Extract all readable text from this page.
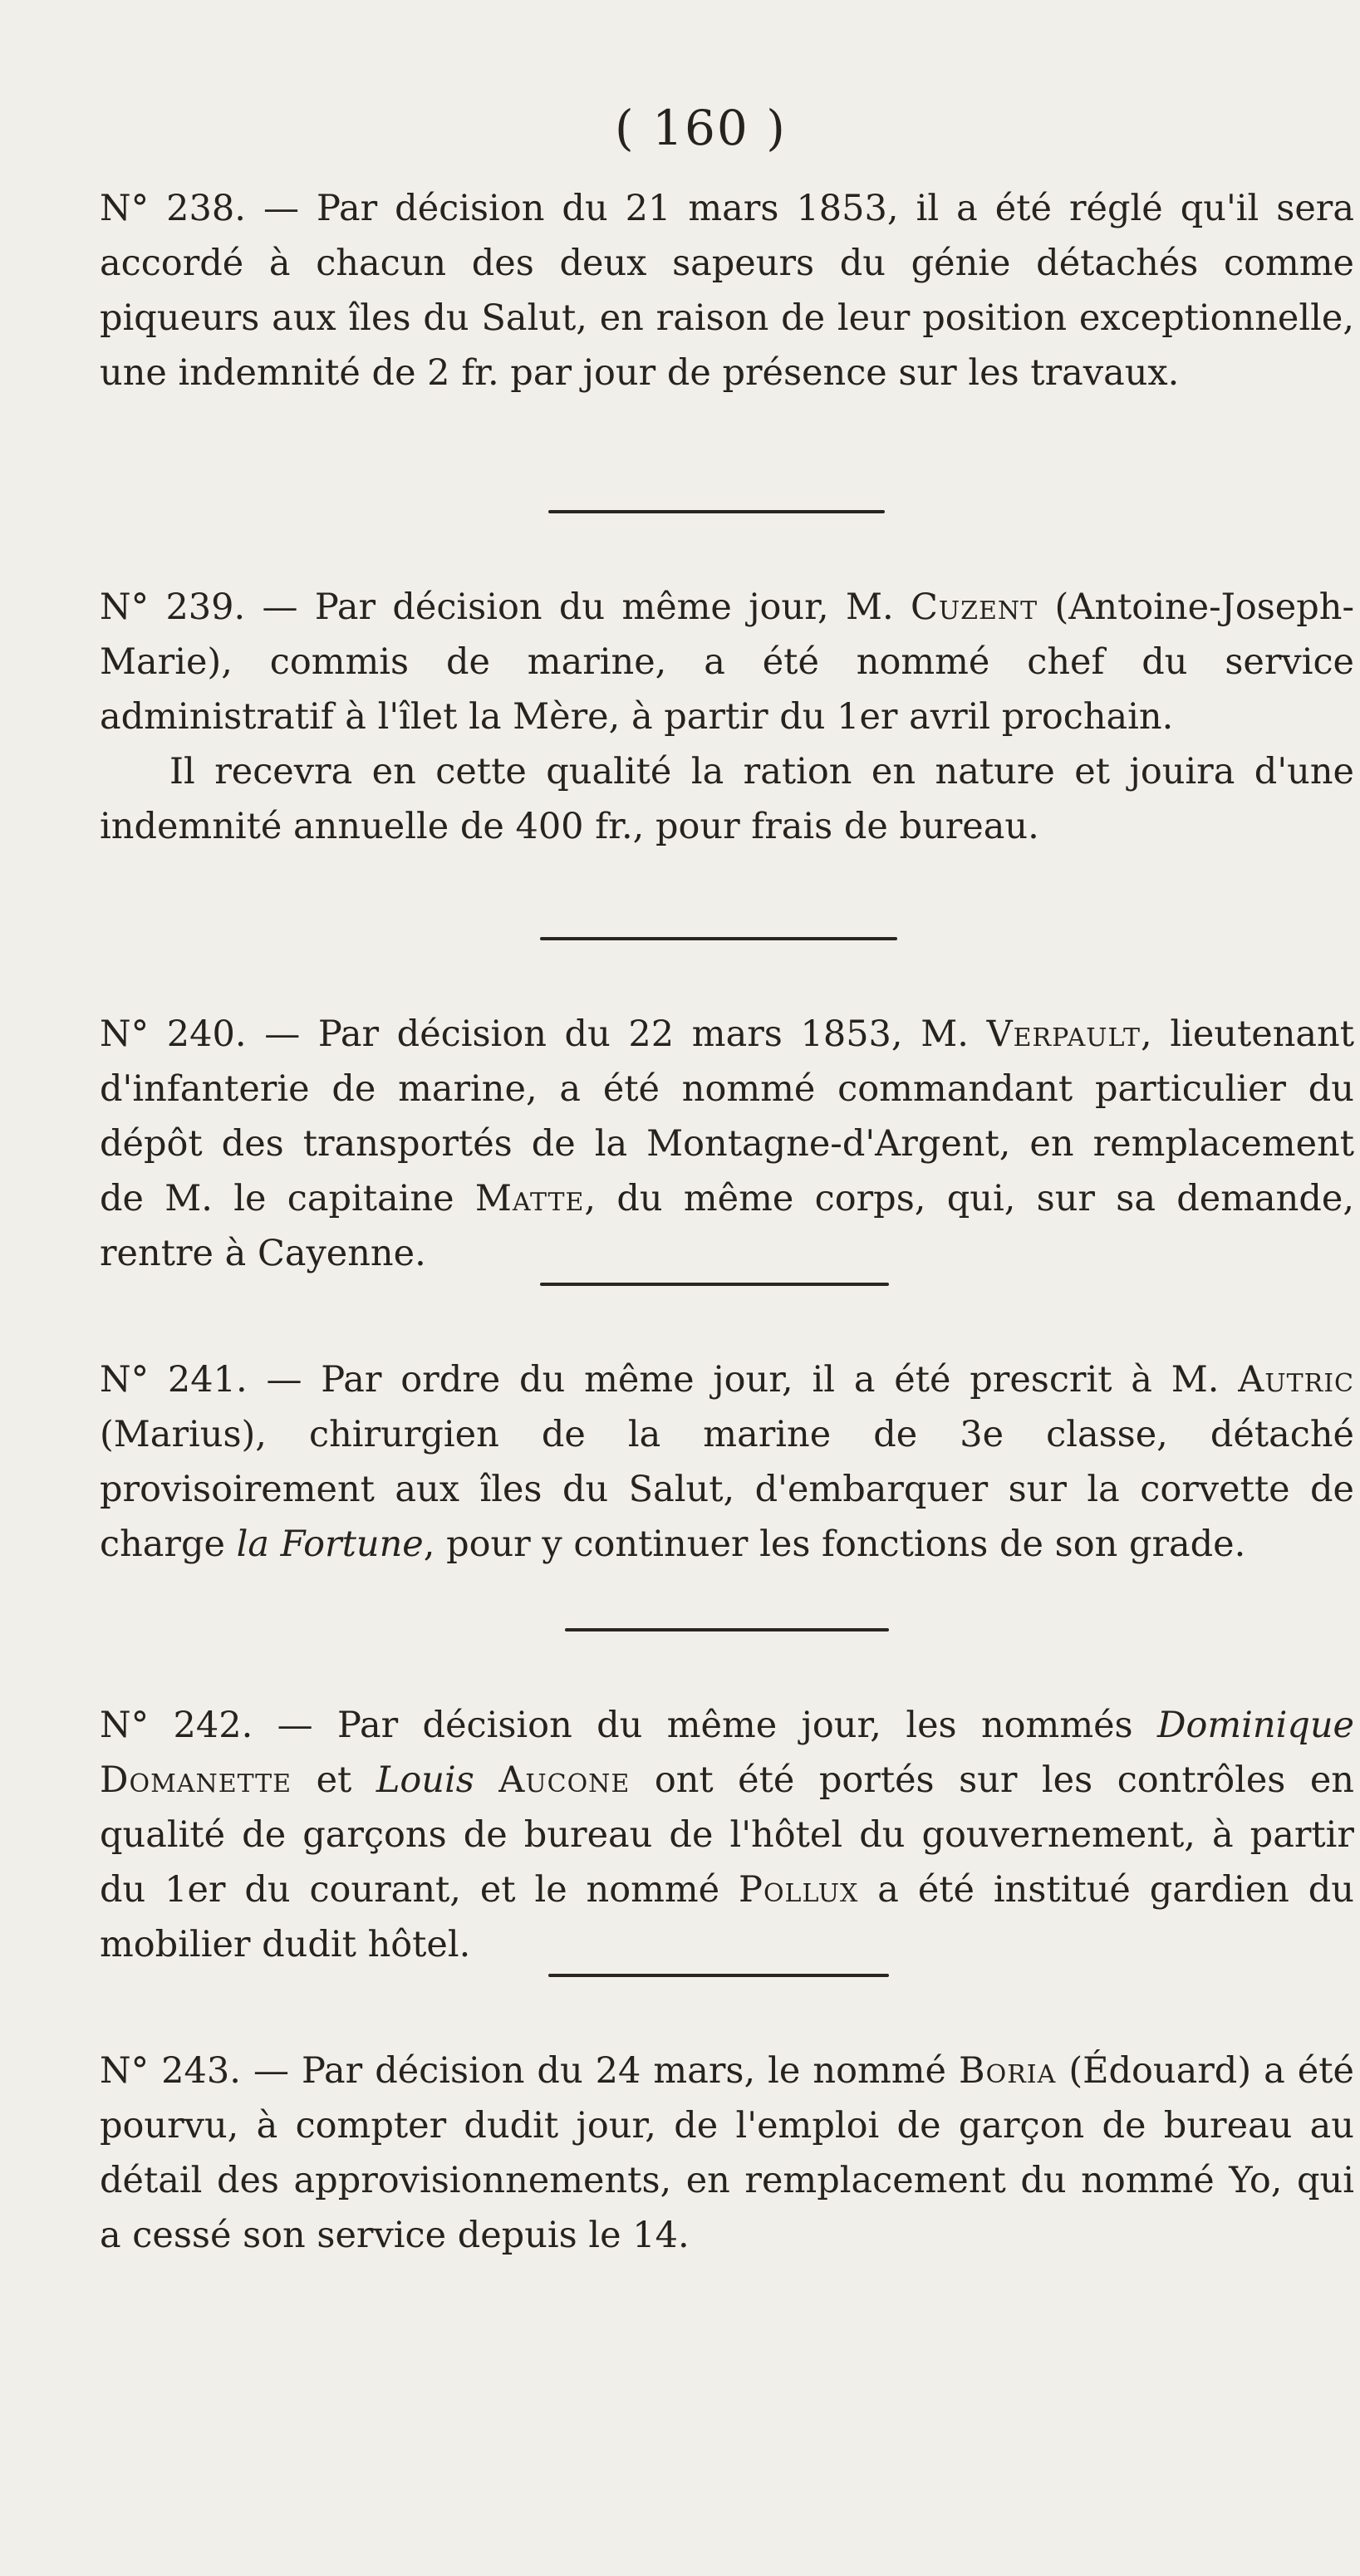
( 160 )

N° 238. — Par décision du 21 mars 1853, il a été réglé qu'il sera accordé à chacun des deux sapeurs du génie détachés comme piqueurs aux îles du Salut, en raison de leur position exceptionnelle, une indemnité de 2 fr. par jour de présence sur les travaux.

N° 239. — Par décision du même jour, M. Cuzent (Antoine-Joseph-Marie), commis de marine, a été nommé chef du service administratif à l'îlet la Mère, à partir du 1er avril prochain.

Il recevra en cette qualité la ration en nature et jouira d'une indemnité annuelle de 400 fr., pour frais de bureau.

N° 240. — Par décision du 22 mars 1853, M. Verpault, lieutenant d'infanterie de marine, a été nommé commandant particulier du dépôt des transportés de la Montagne-d'Argent, en remplacement de M. le capitaine Matte, du même corps, qui, sur sa demande, rentre à Cayenne.

N° 241. — Par ordre du même jour, il a été prescrit à M. Autric (Marius), chirurgien de la marine de 3e classe, détaché provisoirement aux îles du Salut, d'embarquer sur la corvette de charge la Fortune, pour y continuer les fonctions de son grade.

N° 242. — Par décision du même jour, les nommés Dominique Domanette et Louis Aucone ont été portés sur les contrôles en qualité de garçons de bureau de l'hôtel du gouvernement, à partir du 1er du courant, et le nommé Pollux a été institué gardien du mobilier dudit hôtel.

N° 243. — Par décision du 24 mars, le nommé Boria (Édouard) a été pourvu, à compter dudit jour, de l'emploi de garçon de bureau au détail des approvisionnements, en remplacement du nommé Yo, qui a cessé son service depuis le 14.
